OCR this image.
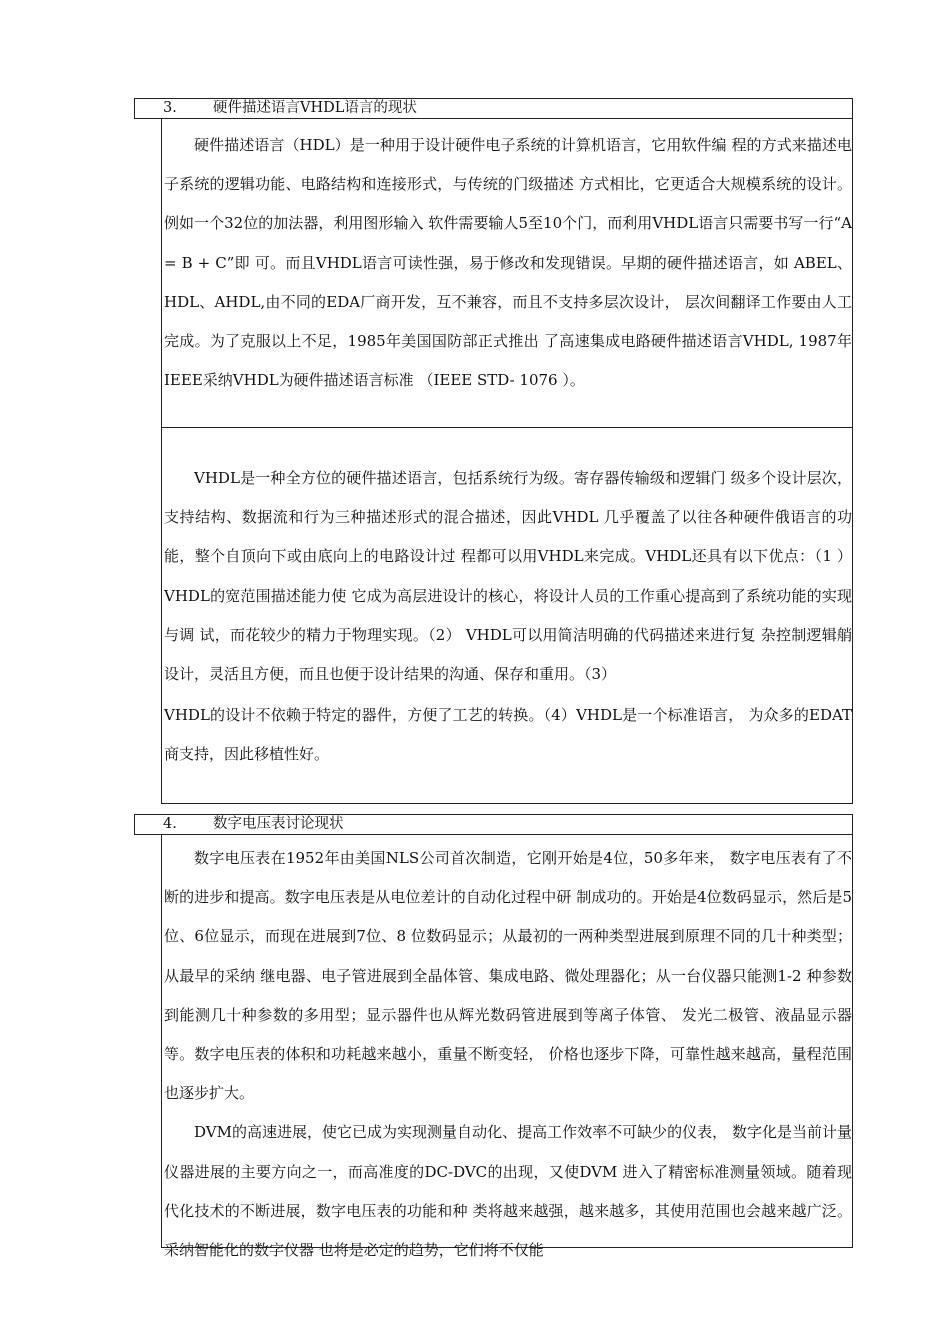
3. 硬件描述语言VHDL语言的现状

硬件描述语言（HDL）是一种用于设计硬件电子系统的计算机语言，它用软件编 程的方式来描述电子系统的逻辑功能、电路结构和连接形式，与传统的门级描述 方式相比，它更适合大规模系统的设计。例如一个32位的加法器，利用图形输入 软件需要输人5至10个门，而利用VHDL语言只需要书写一行“A = B + C”即 可。而且VHDL语言可读性强，易于修改和发现错误。早期的硬件描述语言，如 ABEL、HDL、AHDL,由不同的EDA厂商开发，互不兼容，而且不支持多层次设计， 层次间翻译工作要由人工完成。为了克服以上不足，1985年美国国防部正式推出 了高速集成电路硬件描述语言VHDL, 1987年IEEE采纳VHDL为硬件描述语言标准 （IEEE STD- 1076 ）。

VHDL是一种全方位的硬件描述语言，包括系统行为级。寄存器传输级和逻辑门 级多个设计层次，支持结构、数据流和行为三种描述形式的混合描述，因此VHDL 几乎覆盖了以往各种硬件俄语言的功能，整个自顶向下或由底向上的电路设计过 程都可以用VHDL来完成。VHDL还具有以下优点：（1 ） VHDL的宽范围描述能力使 它成为高层进设计的核心，将设计人员的工作重心提高到了系统功能的实现与调 试，而花较少的精力于物理实现。（2） VHDL可以用简洁明确的代码描述来进行复 杂控制逻辑艄设计，灵活且方便，而且也便于设计结果的沟通、保存和重用。（3）

VHDL的设计不依赖于特定的器件，方便了工艺的转换。（4）VHDL是一个标准语言， 为众多的EDAT商支持，因此移植性好。

4. 数字电压表讨论现状

数字电压表在1952年由美国NLS公司首次制造，它刚开始是4位，50多年来， 数字电压表有了不断的进步和提高。数字电压表是从电位差计的自动化过程中研 制成功的。开始是4位数码显示，然后是5位、6位显示，而现在进展到7位、8 位数码显示；从最初的一两种类型进展到原理不同的几十种类型；从最早的采纳 继电器、电子管进展到全晶体管、集成电路、微处理器化；从一台仪器只能测1-2 种参数到能测几十种参数的多用型；显示器件也从辉光数码管进展到等离子体管、 发光二极管、液晶显示器等。数字电压表的体积和功耗越来越小，重量不断变轻， 价格也逐步下降，可靠性越来越高，量程范围也逐步扩大。

DVM的高速进展，使它已成为实现测量自动化、提高工作效率不可缺少的仪表， 数字化是当前计量仪器进展的主要方向之一，而高准度的DC-DVC的出现，又使DVM 进入了精密标准测量领域。随着现代化技术的不断进展，数字电压表的功能和种 类将越来越强，越来越多，其使用范围也会越来越广泛。采纳智能化的数字仪器 也将是必定的趋势，它们将不仅能
